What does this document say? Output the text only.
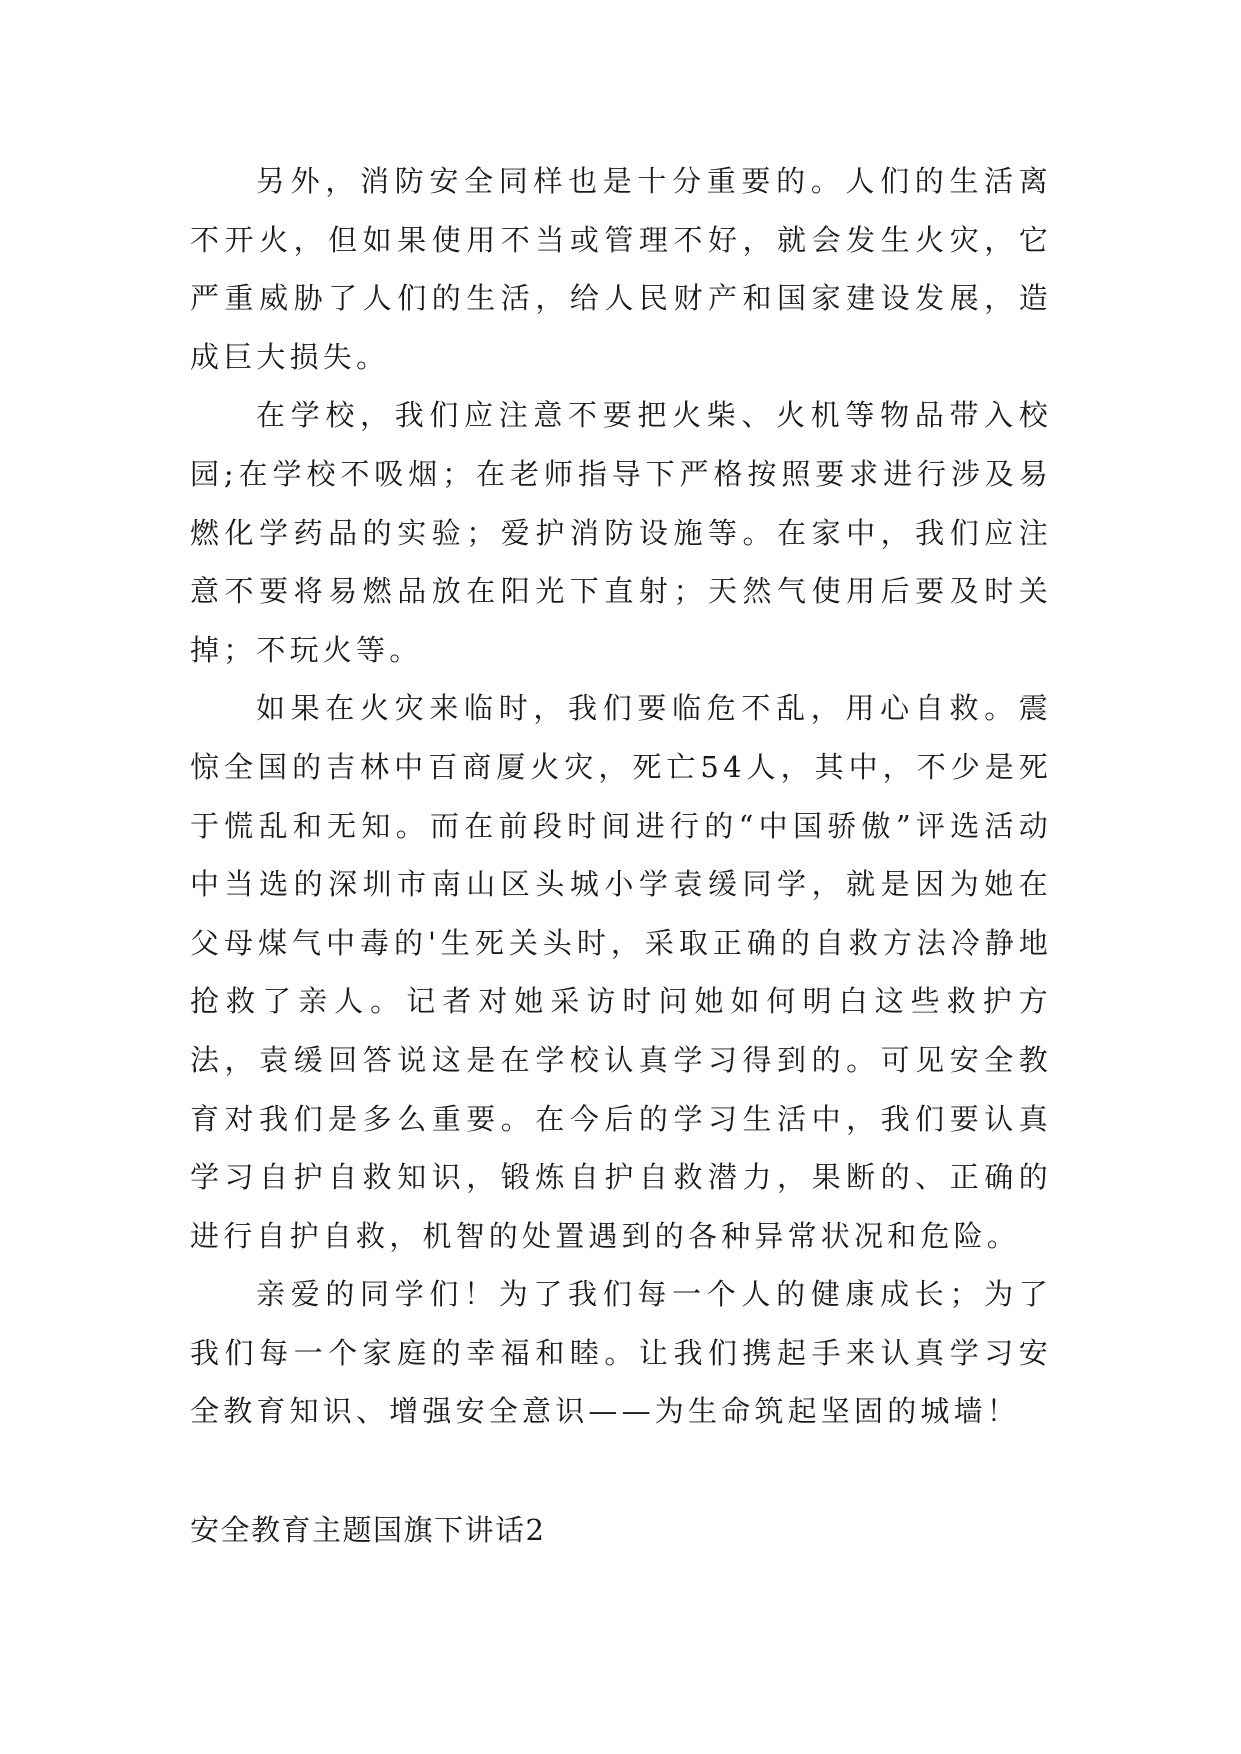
另外，消防安全同样也是十分重要的。人们的生活离不开火，但如果使用不当或管理不好，就会发生火灾，它严重威胁了人们的生活，给人民财产和国家建设发展，造成巨大损失。

在学校，我们应注意不要把火柴、火机等物品带入校园;在学校不吸烟；在老师指导下严格按照要求进行涉及易燃化学药品的实验；爱护消防设施等。在家中，我们应注意不要将易燃品放在阳光下直射；天然气使用后要及时关掉；不玩火等。

如果在火灾来临时，我们要临危不乱，用心自救。震惊全国的吉林中百商厦火灾，死亡54人，其中，不少是死于慌乱和无知。而在前段时间进行的“中国骄傲”评选活动中当选的深圳市南山区头城小学袁缓同学，就是因为她在父母煤气中毒的'生死关头时，采取正确的自救方法冷静地抢救了亲人。记者对她采访时问她如何明白这些救护方法，袁缓回答说这是在学校认真学习得到的。可见安全教育对我们是多么重要。在今后的学习生活中，我们要认真学习自护自救知识，锻炼自护自救潜力，果断的、正确的进行自护自救，机智的处置遇到的各种异常状况和危险。

亲爱的同学们！为了我们每一个人的健康成长；为了我们每一个家庭的幸福和睦。让我们携起手来认真学习安全教育知识、增强安全意识——为生命筑起坚固的城墙！

安全教育主题国旗下讲话2
